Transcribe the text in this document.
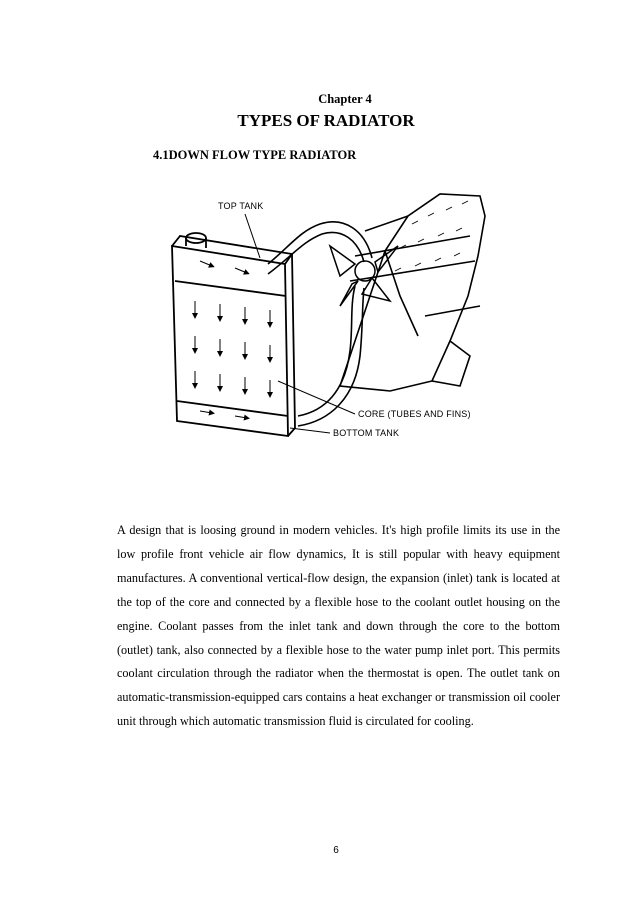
Chapter 4
TYPES OF RADIATOR
4.1DOWN FLOW TYPE RADIATOR
TOP TANK
CORE (TUBES AND FINS)
BOTTOM TANK

A design that is loosing ground in modern vehicles. It's high profile limits its use in the low profile front vehicle air flow dynamics, It is still popular with heavy equipment manufactures. A conventional vertical-flow design, the expansion (inlet) tank is located at the top of the core and connected by a flexible hose to the coolant outlet housing on the engine. Coolant passes from the inlet tank and down through the core to the bottom (outlet) tank, also connected by a flexible hose to the water pump inlet port. This permits coolant circulation through the radiator when the thermostat is open. The outlet tank on automatic-transmission-equipped cars contains a heat exchanger or transmission oil cooler unit through which automatic transmission fluid is circulated for cooling.

6
